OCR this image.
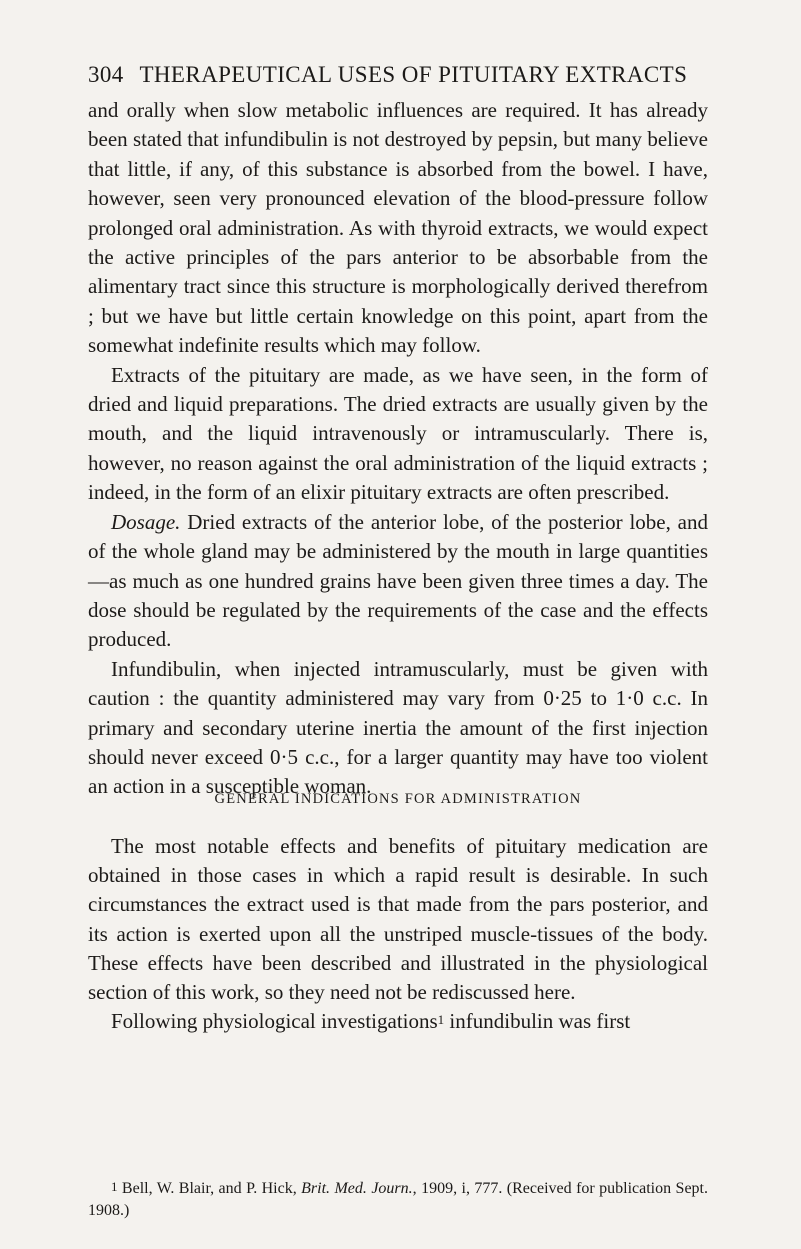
304 THERAPEUTICAL USES OF PITUITARY EXTRACTS

and orally when slow metabolic influences are required. It has already been stated that infundibulin is not destroyed by pepsin, but many believe that little, if any, of this substance is absorbed from the bowel. I have, however, seen very pronounced elevation of the blood-pressure follow prolonged oral administration. As with thyroid extracts, we would expect the active principles of the pars anterior to be absorbable from the alimentary tract since this structure is morphologically derived therefrom ; but we have but little certain knowledge on this point, apart from the somewhat indefinite results which may follow.

Extracts of the pituitary are made, as we have seen, in the form of dried and liquid preparations. The dried extracts are usually given by the mouth, and the liquid intravenously or intramuscularly. There is, however, no reason against the oral administration of the liquid extracts ; indeed, in the form of an elixir pituitary extracts are often prescribed.

Dosage. Dried extracts of the anterior lobe, of the posterior lobe, and of the whole gland may be administered by the mouth in large quantities—as much as one hundred grains have been given three times a day. The dose should be regulated by the requirements of the case and the effects produced.

Infundibulin, when injected intramuscularly, must be given with caution : the quantity administered may vary from 0·25 to 1·0 c.c. In primary and secondary uterine inertia the amount of the first injection should never exceed 0·5 c.c., for a larger quantity may have too violent an action in a susceptible woman.

GENERAL INDICATIONS FOR ADMINISTRATION

The most notable effects and benefits of pituitary medication are obtained in those cases in which a rapid result is desirable. In such circumstances the extract used is that made from the pars posterior, and its action is exerted upon all the unstriped muscle-tissues of the body. These effects have been described and illustrated in the physiological section of this work, so they need not be rediscussed here.

Following physiological investigations$^1$ infundibulin was first

$^1$ Bell, W. Blair, and P. Hick, Brit. Med. Journ., 1909, i, 777. (Received for publication Sept. 1908.)
